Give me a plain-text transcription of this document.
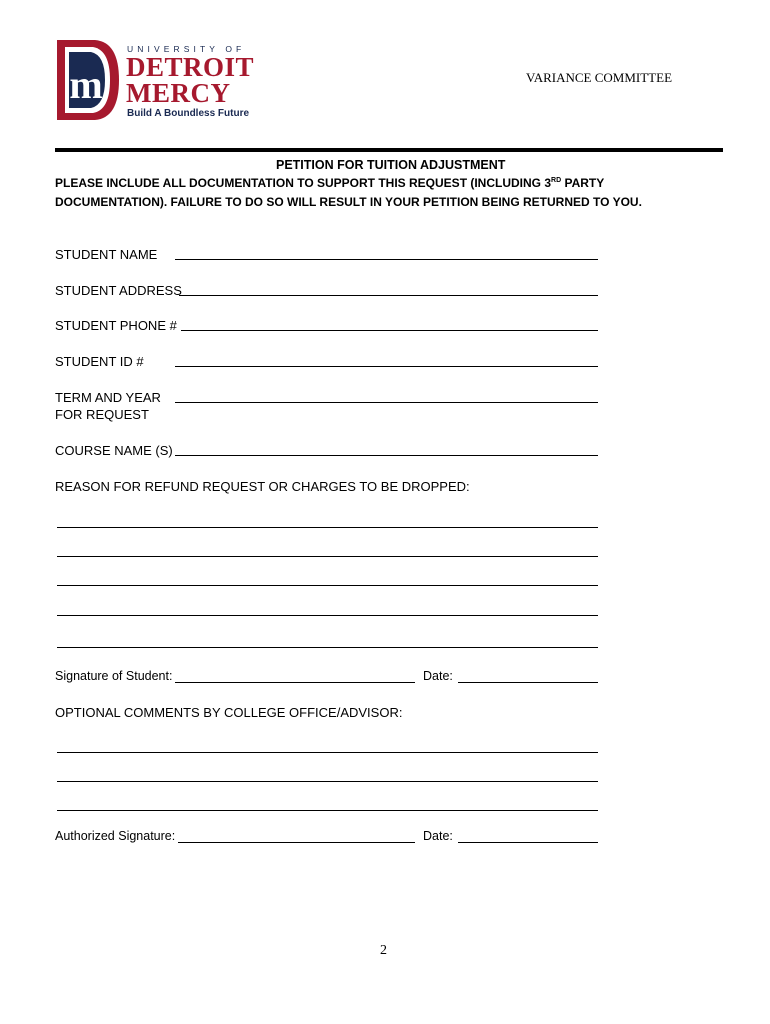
m
UNIVERSITY OF
DETROIT
MERCY
Build A Boundless Future
VARIANCE COMMITTEE
PETITION FOR TUITION ADJUSTMENT
PLEASE INCLUDE ALL DOCUMENTATION TO SUPPORT THIS REQUEST (INCLUDING 3RD PARTY
DOCUMENTATION). FAILURE TO DO SO WILL RESULT IN YOUR PETITION BEING RETURNED TO YOU.
STUDENT NAME
STUDENT ADDRESS
STUDENT PHONE #
STUDENT ID #
TERM AND YEAR
FOR REQUEST
COURSE NAME (S)
REASON FOR REFUND REQUEST OR CHARGES TO BE DROPPED:
Signature of Student:	Date:
OPTIONAL COMMENTS BY COLLEGE OFFICE/ADVISOR:
Authorized Signature:	Date:
2
